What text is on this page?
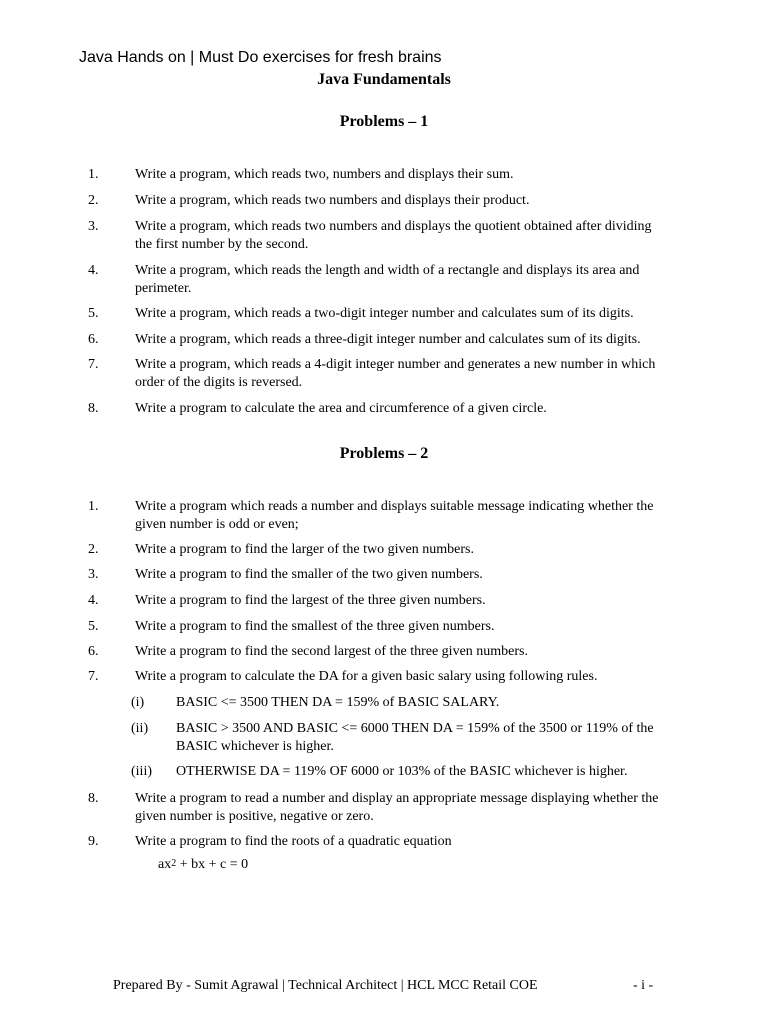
Java Hands on | Must Do exercises for fresh brains
Java Fundamentals
Problems – 1
1.	Write a program, which reads two, numbers and displays their sum.
2.	Write a program, which reads two numbers and displays their product.
3.	Write a program, which reads two numbers and displays the quotient obtained after dividing
the first number by the second.
4.	Write a program, which reads the length and width of a rectangle and displays its area and
perimeter.
5.	Write a program, which reads a two-digit integer number and calculates sum of its digits.
6.	Write a program, which reads a three-digit integer number and calculates sum of its digits.
7.	Write a program, which reads a 4-digit integer number and generates a new number in which
order of the digits is reversed.
8.	Write a program to calculate the area and circumference of a given circle.
Problems – 2
1.	Write a program which reads a number and displays suitable message indicating whether the
given number is odd or even;
2.	Write a program to find the larger of the two given numbers.
3.	Write a program to find the smaller of the two given numbers.
4.	Write a program to find the largest of the three given numbers.
5.	Write a program to find the smallest of the three given numbers.
6.	Write a program to find the second largest of the three given numbers.
7.	Write a program to calculate the DA for a given basic salary using following rules.
(i) BASIC <= 3500 THEN DA = 159% of BASIC SALARY.
(ii) BASIC > 3500 AND BASIC <= 6000 THEN DA = 159% of the 3500 or 119% of the
BASIC whichever is higher.
(iii) OTHERWISE DA = 119% OF 6000 or 103% of the BASIC whichever is higher.
8.	Write a program to read a number and display an appropriate message displaying whether the
given number is positive, negative or zero.
9.	Write a program to find the roots of a quadratic equation
$ax^2$ + bx + c = 0
Prepared By - Sumit Agrawal | Technical Architect | HCL MCC Retail COE	- i -
